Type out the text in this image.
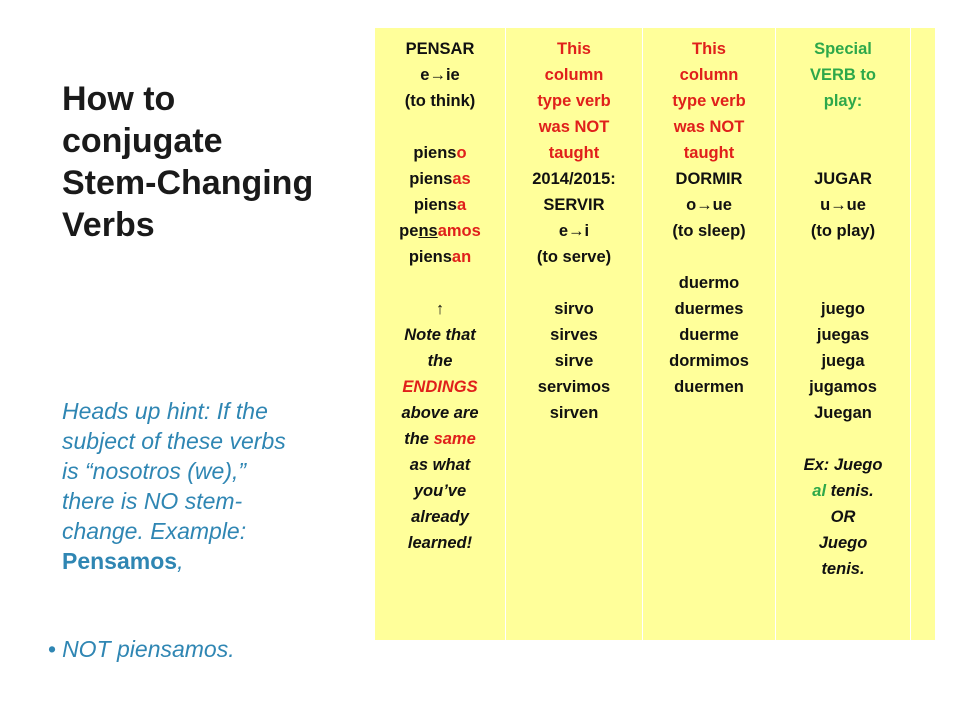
How to
conjugate
Stem-Changing
Verbs
Heads up hint: If the
subject of these verbs
is “nosotros (we),”
there is NO stem-
change. Example:
Pensamos,
• NOT piensamos.
PENSAR
e→ie
(to think)
pienso
piensas
piensa
pensamos
piensan
↑
Note that
the
ENDINGS
above are
the same
as what
you’ve
already
learned!
This
column
type verb
was NOT
taught
2014/2015:
SERVIR
e→i
(to serve)
sirvo
sirves
sirve
servimos
sirven
This
column
type verb
was NOT
taught
DORMIR
o→ue
(to sleep)
duermo
duermes
duerme
dormimos
duermen
Special
VERB to
play:
JUGAR
u→ue
(to play)
juego
juegas
juega
jugamos
Juegan
Ex: Juego
al tenis.
OR
Juego
tenis.
